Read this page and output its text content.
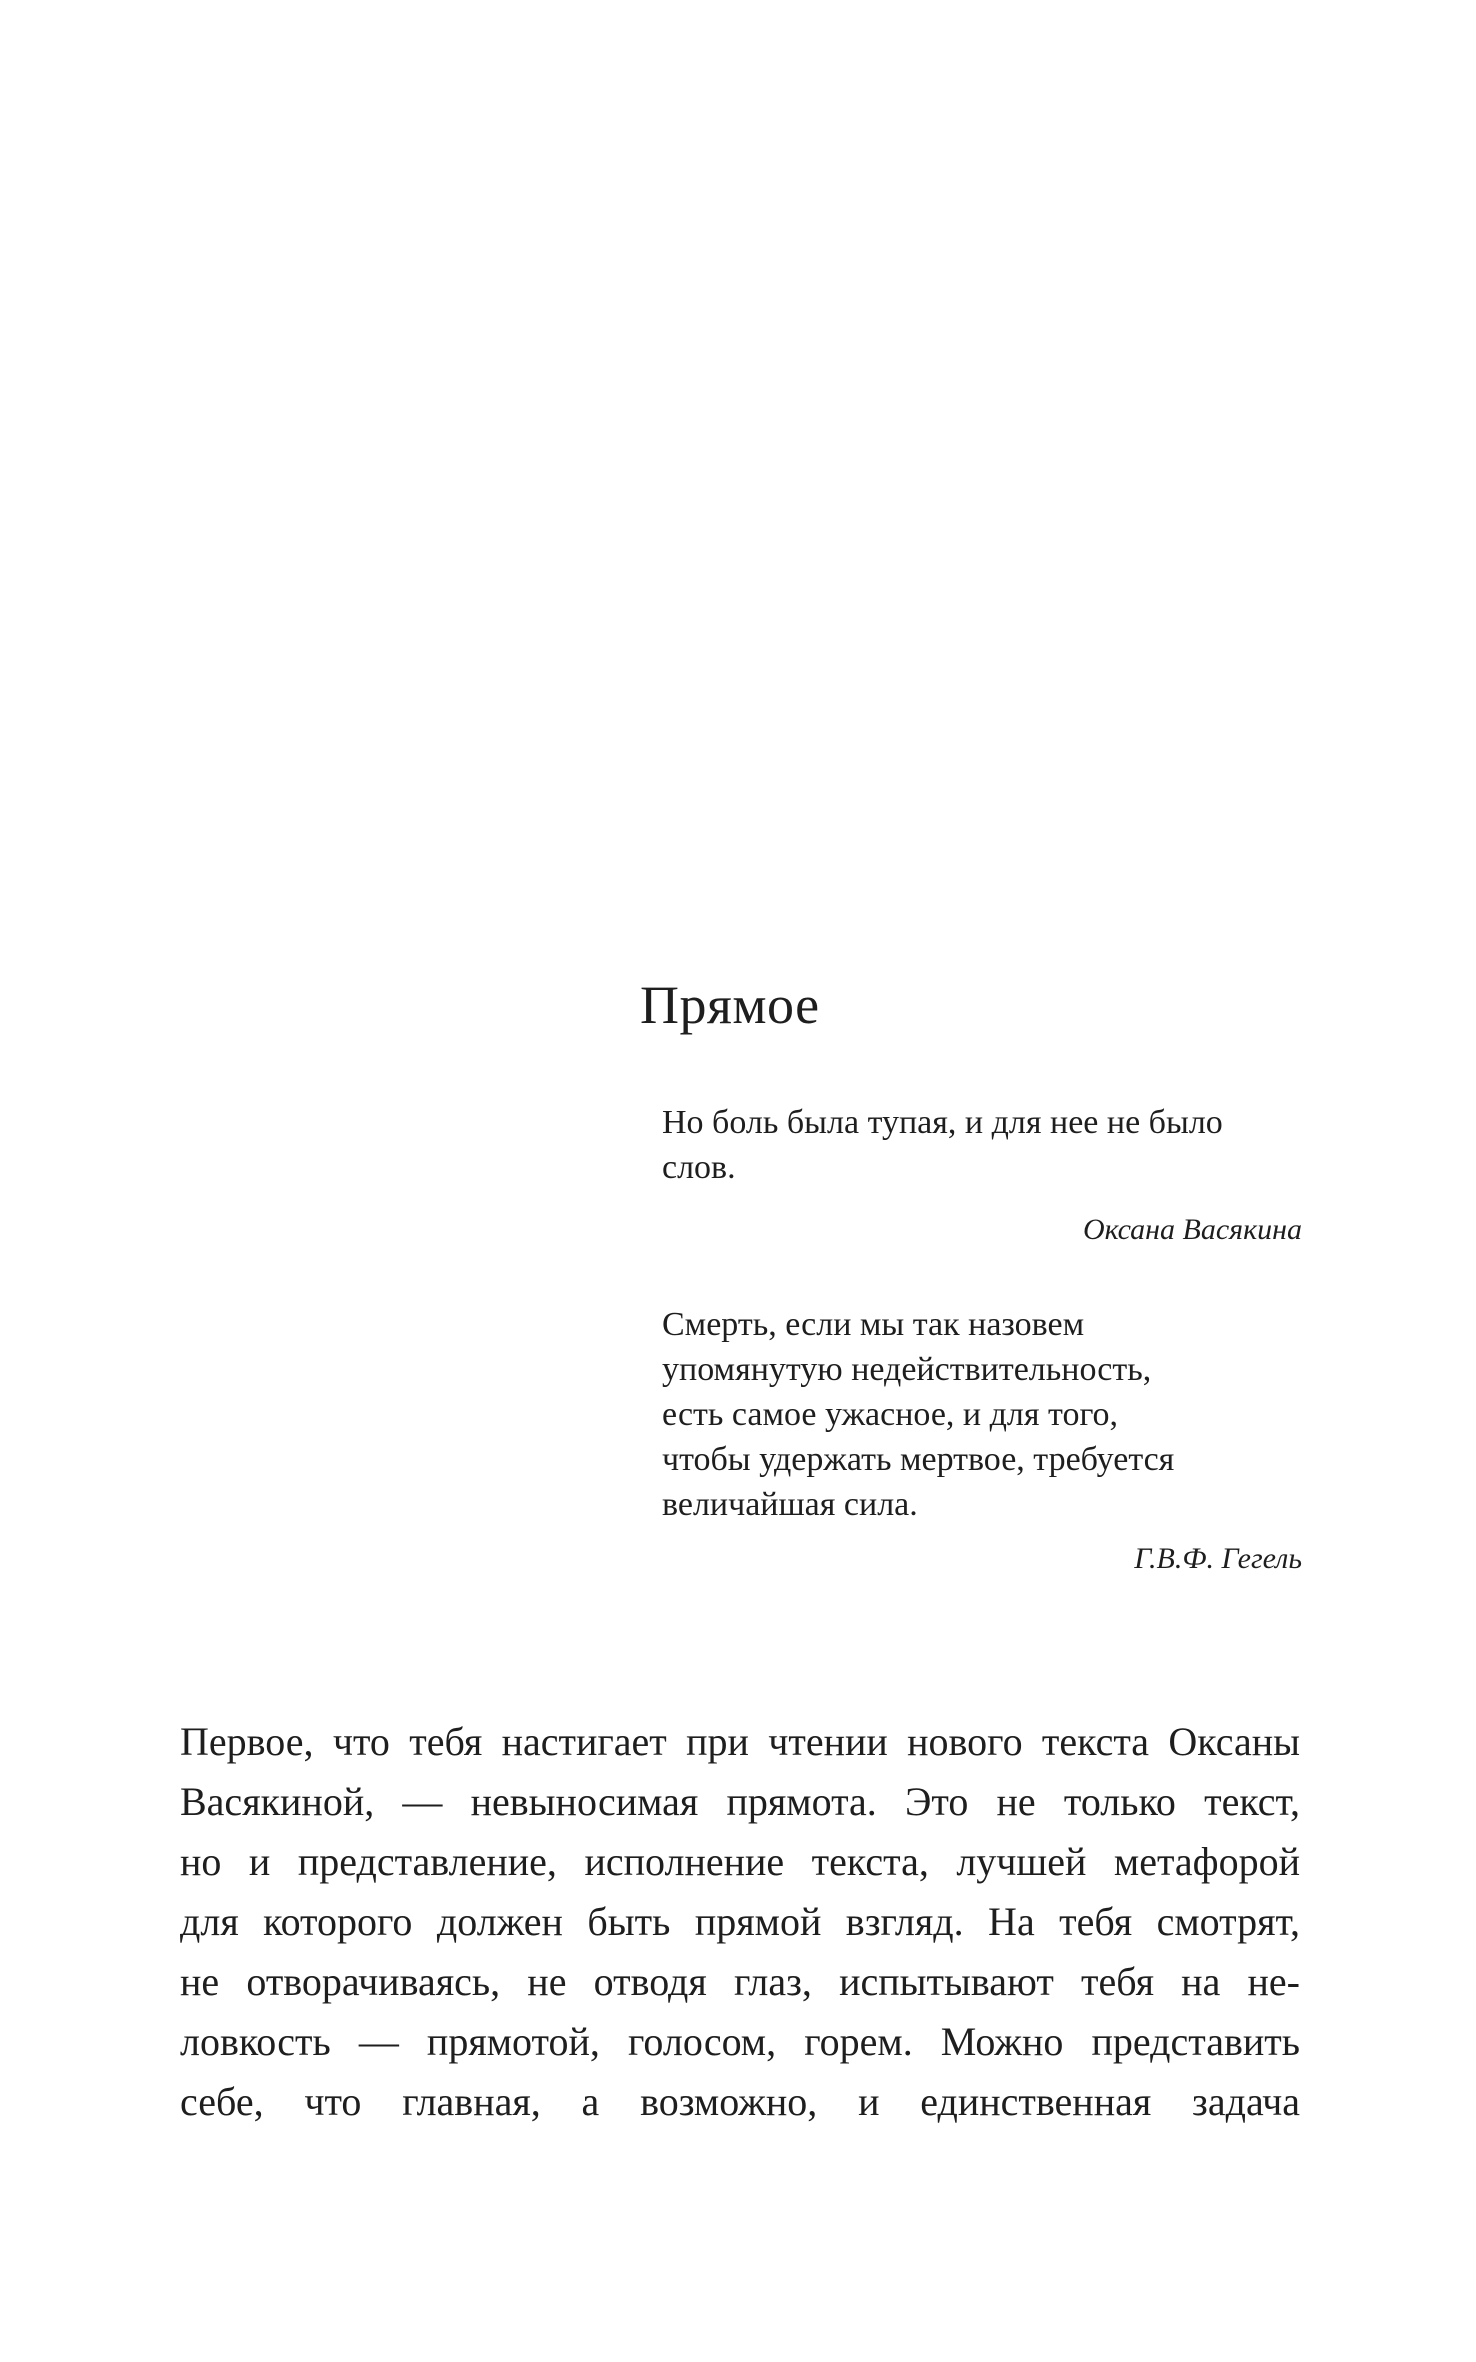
Прямое

Но боль была тупая, и для нее не было
слов.

Оксана Васякина

Смерть, если мы так назовем
упомянутую недействительность,
есть самое ужасное, и для того,
чтобы удержать мертвое, требуется
величайшая сила.

Г.В.Ф. Гегель

Первое, что тебя настигает при чтении нового текста Оксаны
Васякиной, — невыносимая прямота. Это не только текст,
но и представление, исполнение текста, лучшей метафорой
для которого должен быть прямой взгляд. На тебя смотрят,
не отворачиваясь, не отводя глаз, испытывают тебя на не-
ловкость — прямотой, голосом, горем. Можно представить
себе, что главная, а возможно, и единственная задача
